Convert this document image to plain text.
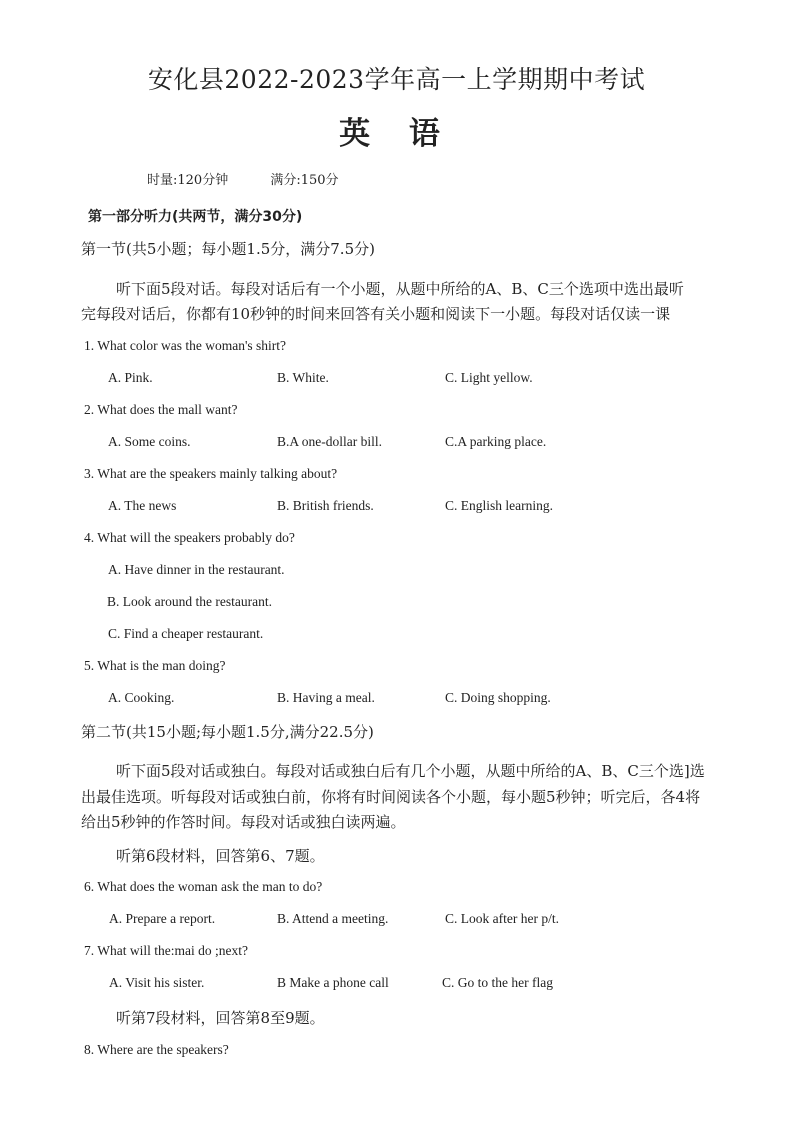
安化县2022-2023学年高一上学期期中考试
英 语
时量:120分钟	满分:150分
第一部分听力(共两节，满分30分)
第一节(共5小题；每小题1.5分，满分7.5分)
听下面5段对话。每段对话后有一个小题，从题中所给的A、B、C三个选项中选出最听
完每段对话后，你都有10秒钟的时间来回答有关小题和阅读下一小题。每段对话仅读一课
1. What color was the woman's shirt?
A. Pink.	B. White.	C. Light yellow.
2. What does the mall want?
A. Some coins.	B.A one-dollar bill.	C.A parking place.
3. What are the speakers mainly talking about?
A. The news	B. British friends.	C. English learning.
4. What will the speakers probably do?
A. Have dinner in the restaurant.
B. Look around the restaurant.
C. Find a cheaper restaurant.
5. What is the man doing?
A. Cooking.	B. Having a meal.	C. Doing shopping.
第二节(共15小题;每小题1.5分,满分22.5分)
听下面5段对话或独白。每段对话或独白后有几个小题，从题中所给的A、B、C三个选]选
出最佳选项。听每段对话或独白前，你将有时间阅读各个小题，每小题5秒钟；听完后，各4将
给出5秒钟的作答时间。每段对话或独白读两遍。
听第6段材料，回答第6、7题。
6. What does the woman ask the man to do?
A. Prepare a report.	B. Attend a meeting.	C. Look after her p/t.
7. What will the:mai do ;next?
A. Visit his sister.	B Make a phone call	C. Go to the her flag
听第7段材料，回答第8至9题。
8. Where are the speakers?
